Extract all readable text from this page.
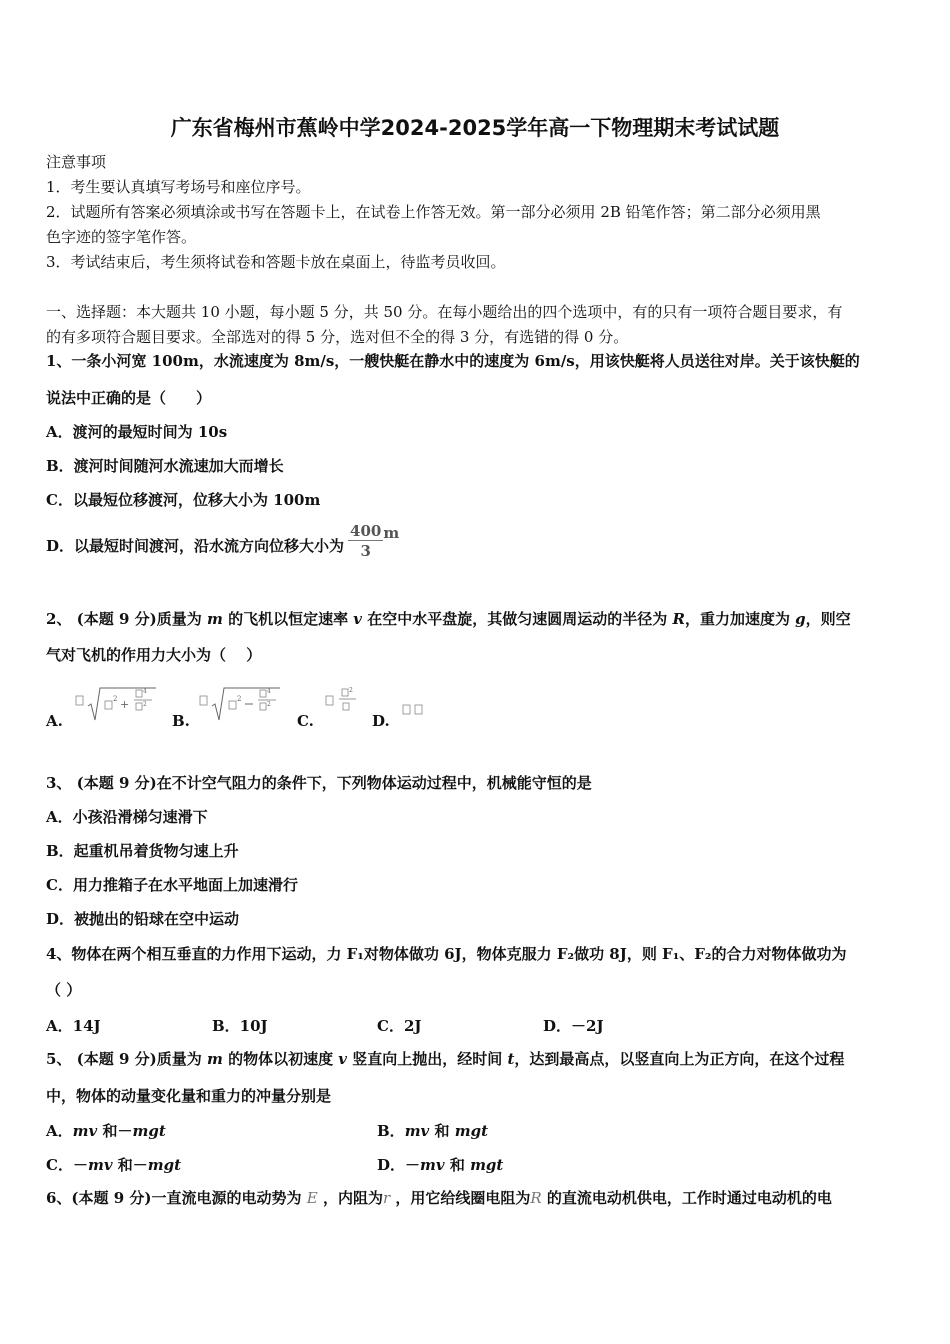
广东省梅州市蕉岭中学2024-2025学年高一下物理期末考试试题
注意事项
1．考生要认真填写考场号和座位序号。
2．试题所有答案必须填涂或书写在答题卡上，在试卷上作答无效。第一部分必须用 2B 铅笔作答；第二部分必须用黑
色字迹的签字笔作答。
3．考试结束后，考生须将试卷和答题卡放在桌面上，待监考员收回。
一、选择题：本大题共 10 小题，每小题 5 分，共 50 分。在每小题给出的四个选项中，有的只有一项符合题目要求，有
的有多项符合题目要求。全部选对的得 5 分，选对但不全的得 3 分，有选错的得 0 分。
1、一条小河宽 100m，水流速度为 8m/s，一艘快艇在静水中的速度为 6m/s，用该快艇将人员送往对岸。关于该快艇的
说法中正确的是（　　）
A．渡河的最短时间为 10s
B．渡河时间随河水流速加大而增长
C．以最短位移渡河，位移大小为 100m
D．以最短时间渡河，沿水流方向位移大小为 $\frac{400}{3}$ m
2、 (本题 9 分)质量为 m 的飞机以恒定速率 v 在空中水平盘旋，其做匀速圆周运动的半径为 R，重力加速度为 g，则空
气对飞机的作用力大小为（　 ）
A.
2 +
4
2
B.
2
4
2
C.
2
D.
3、 (本题 9 分)在不计空气阻力的条件下，下列物体运动过程中，机械能守恒的是
A．小孩沿滑梯匀速滑下
B．起重机吊着货物匀速上升
C．用力推箱子在水平地面上加速滑行
D．被抛出的铅球在空中运动
4、物体在两个相互垂直的力作用下运动，力 F₁对物体做功 6J，物体克服力 F₂做功 8J，则 F₁、F₂的合力对物体做功为
（ ）
A．14J	B．10J	C．2J	D．－2J
5、 (本题 9 分)质量为 m 的物体以初速度 v 竖直向上抛出，经时间 t，达到最高点，以竖直向上为正方向，在这个过程
中，物体的动量变化量和重力的冲量分别是
A．mv 和－mgt	B．mv 和 mgt
C．－mv 和－mgt	D．－mv 和 mgt
6、(本题 9 分)一直流电源的电动势为 E ，内阻为r ，用它给线圈电阻为R 的直流电动机供电，工作时通过电动机的电
